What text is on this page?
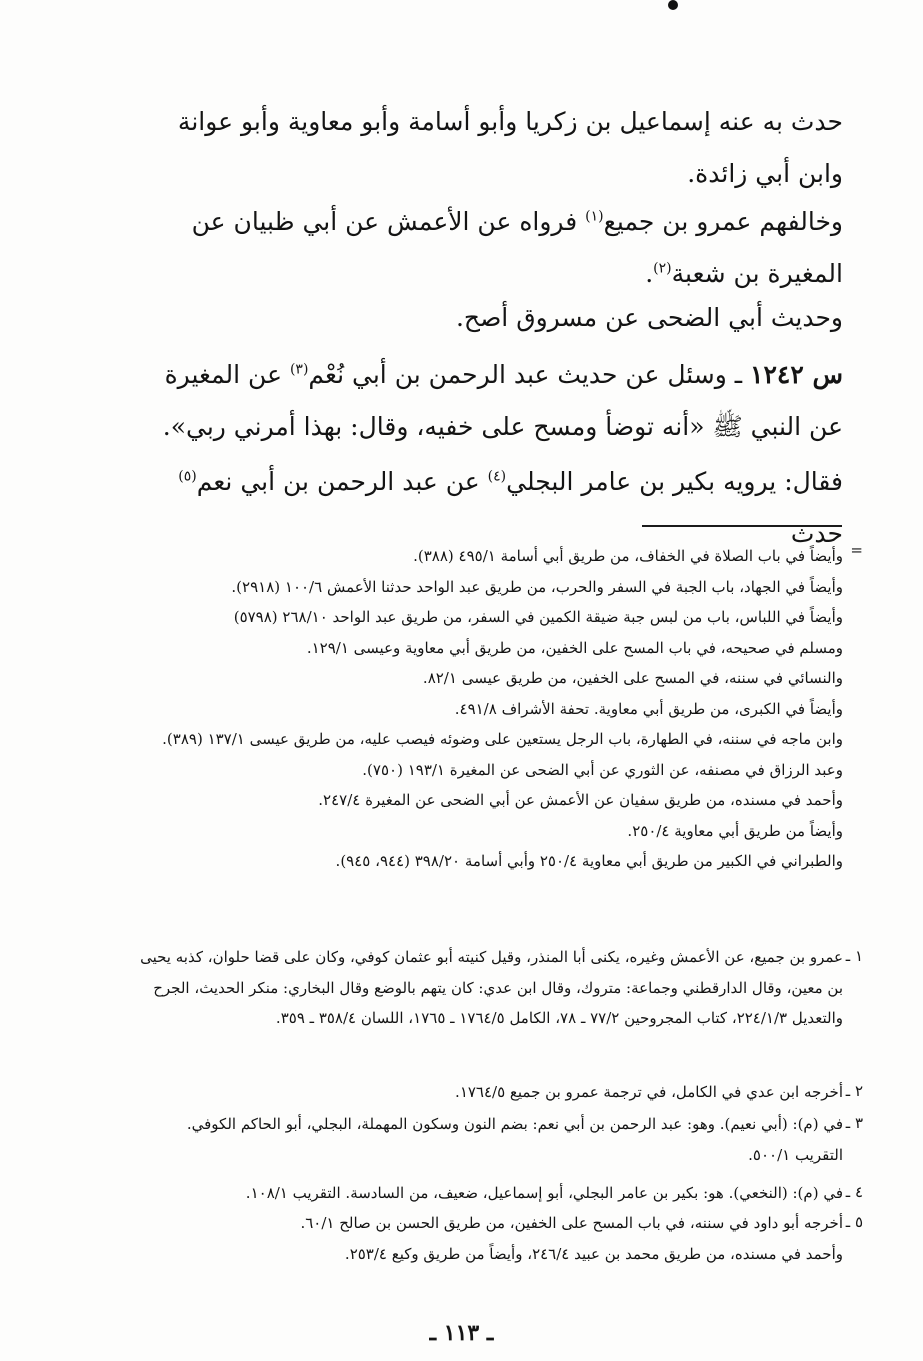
حدث به عنه إسماعيل بن زكريا وأبو أسامة وأبو معاوية وأبو عوانة وابن أبي زائدة.

وخالفهم عمرو بن جميع$^{(١)}$ فرواه عن الأعمش عن أبي ظبيان عن المغيرة بن شعبة$^{(٢)}$.

وحديث أبي الضحى عن مسروق أصح.

س ١٢٤٢ ـ وسئل عن حديث عبد الرحمن بن أبي نُعْم$^{(٣)}$ عن المغيرة عن النبي ﷺ «أنه توضأ ومسح على خفيه، وقال: بهذا أمرني ربي».

فقال: يرويه بكير بن عامر البجلي$^{(٤)}$ عن عبد الرحمن بن أبي نعم$^{(٥)}$ حدث

=

وأيضاً في باب الصلاة في الخفاف، من طريق أبي أسامة ٤٩٥/١ (٣٨٨).

وأيضاً في الجهاد، باب الجبة في السفر والحرب، من طريق عبد الواحد حدثنا الأعمش ١٠٠/٦ (٢٩١٨).

وأيضاً في اللباس، باب من لبس جبة ضيقة الكمين في السفر، من طريق عبد الواحد ٢٦٨/١٠ (٥٧٩٨)

ومسلم في صحيحه، في باب المسح على الخفين، من طريق أبي معاوية وعيسى ١٢٩/١.

والنسائي في سننه، في المسح على الخفين، من طريق عيسى ٨٢/١.

وأيضاً في الكبرى، من طريق أبي معاوية. تحفة الأشراف ٤٩١/٨.

وابن ماجه في سننه، في الطهارة، باب الرجل يستعين على وضوئه فيصب عليه، من طريق عيسى ١٣٧/١ (٣٨٩).

وعبد الرزاق في مصنفه، عن الثوري عن أبي الضحى عن المغيرة ١٩٣/١ (٧٥٠).

وأحمد في مسنده، من طريق سفيان عن الأعمش عن أبي الضحى عن المغيرة ٢٤٧/٤.

وأيضاً من طريق أبي معاوية ٢٥٠/٤.

والطبراني في الكبير من طريق أبي معاوية ٢٥٠/٤ وأبي أسامة ٣٩٨/٢٠ (٩٤٤، ٩٤٥).

١ ـ

عمرو بن جميع، عن الأعمش وغيره، يكنى أبا المنذر، وقيل كنيته أبو عثمان كوفي، وكان على قضا حلوان، كذبه يحيى بن معين، وقال الدارقطني وجماعة: متروك، وقال ابن عدي: كان يتهم بالوضع وقال البخاري: منكر الحديث، الجرح والتعديل ٢٢٤/١/٣، كتاب المجروحين ٧٧/٢ ـ ٧٨، الكامل ١٧٦٤/٥ ـ ١٧٦٥، اللسان ٣٥٨/٤ ـ ٣٥٩.

٢ ـ

أخرجه ابن عدي في الكامل، في ترجمة عمرو بن جميع ١٧٦٤/٥.

٣ ـ

في (م): (أبي نعيم). وهو: عبد الرحمن بن أبي نعم: بضم النون وسكون المهملة، البجلي، أبو الحاكم الكوفي. التقريب ٥٠٠/١.

٤ ـ

في (م): (النخعي). هو: بكير بن عامر البجلي، أبو إسماعيل، ضعيف، من السادسة. التقريب ١٠٨/١.

٥ ـ

أخرجه أبو داود في سننه، في باب المسح على الخفين، من طريق الحسن بن صالح ٦٠/١.

وأحمد في مسنده، من طريق محمد بن عبيد ٢٤٦/٤، وأيضاً من طريق وكيع ٢٥٣/٤.

ـ ١١٣ ـ
